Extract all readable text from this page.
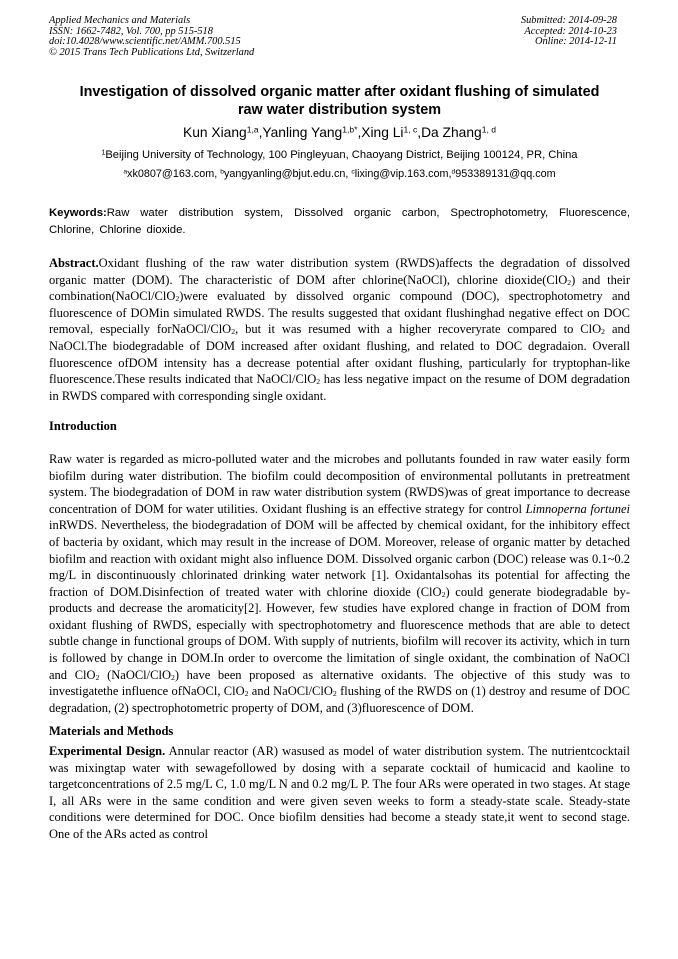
Applied Mechanics and Materials
ISSN: 1662-7482, Vol. 700, pp 515-518
doi:10.4028/www.scientific.net/AMM.700.515
© 2015 Trans Tech Publications Ltd, Switzerland
Submitted: 2014-09-28
Accepted: 2014-10-23
Online: 2014-12-11
Investigation of dissolved organic matter after oxidant flushing of simulated raw water distribution system
Kun Xiang$^{1,a}$,Yanling Yang$^{1,b*}$,Xing Li$^{1, c}$,Da Zhang$^{1, d}$
$^1$Beijing University of Technology, 100 Pingleyuan, Chaoyang District, Beijing 100124, PR, China
$^a$xk0807@163.com, $^b$yangyanling@bjut.edu.cn, $^c$lixing@vip.163.com,$^d$953389131@qq.com

Keywords:Raw water distribution system, Dissolved organic carbon, Spectrophotometry, Fluorescence, Chlorine, Chlorine dioxide.

Abstract.Oxidant flushing of the raw water distribution system (RWDS)affects the degradation of dissolved organic matter (DOM). The characteristic of DOM after chlorine(NaOCl), chlorine dioxide(ClO2) and their combination(NaOCl/ClO2)were evaluated by dissolved organic compound (DOC), spectrophotometry and fluorescence of DOMin simulated RWDS. The results suggested that oxidant flushinghad negative effect on DOC removal, especially forNaOCl/ClO2, but it was resumed with a higher recoveryrate compared to ClO2 and NaOCl.The biodegradable of DOM increased after oxidant flushing, and related to DOC degradaion. Overall fluorescence ofDOM intensity has a decrease potential after oxidant flushing, particularly for tryptophan-like fluorescence.These results indicated that NaOCl/ClO2 has less negative impact on the resume of DOM degradation in RWDS compared with corresponding single oxidant.

Introduction

Raw water is regarded as micro-polluted water and the microbes and pollutants founded in raw water easily form biofilm during water distribution. The biofilm could decomposition of environmental pollutants in pretreatment system. The biodegradation of DOM in raw water distribution system (RWDS)was of great importance to decrease concentration of DOM for water utilities. Oxidant flushing is an effective strategy for control Limnoperna fortunei inRWDS. Nevertheless, the biodegradation of DOM will be affected by chemical oxidant, for the inhibitory effect of bacteria by oxidant, which may result in the increase of DOM. Moreover, release of organic matter by detached biofilm and reaction with oxidant might also influence DOM. Dissolved organic carbon (DOC) release was 0.1~0.2 mg/L in discontinuously chlorinated drinking water network [1]. Oxidantalsohas its potential for affecting the fraction of DOM.Disinfection of treated water with chlorine dioxide (ClO2) could generate biodegradable by-products and decrease the aromaticity[2]. However, few studies have explored change in fraction of DOM from oxidant flushing of RWDS, especially with spectrophotometry and fluorescence methods that are able to detect subtle change in functional groups of DOM. With supply of nutrients, biofilm will recover its activity, which in turn is followed by change in DOM.In order to overcome the limitation of single oxidant, the combination of NaOCl and ClO2 (NaOCl/ClO2) have been proposed as alternative oxidants. The objective of this study was to investigatethe influence ofNaOCl, ClO2 and NaOCl/ClO2 flushing of the RWDS on (1) destroy and resume of DOC degradation, (2) spectrophotometric property of DOM, and (3)fluorescence of DOM.

Materials and Methods

Experimental Design. Annular reactor (AR) wasused as model of water distribution system. The nutrientcocktail was mixingtap water with sewagefollowed by dosing with a separate cocktail of humicacid and kaoline to targetconcentrations of 2.5 mg/L C, 1.0 mg/L N and 0.2 mg/L P. The four ARs were operated in two stages. At stage I, all ARs were in the same condition and were given seven weeks to form a steady-state scale. Steady-state conditions were determined for DOC. Once biofilm densities had become a steady state,it went to second stage. One of the ARs acted as control
